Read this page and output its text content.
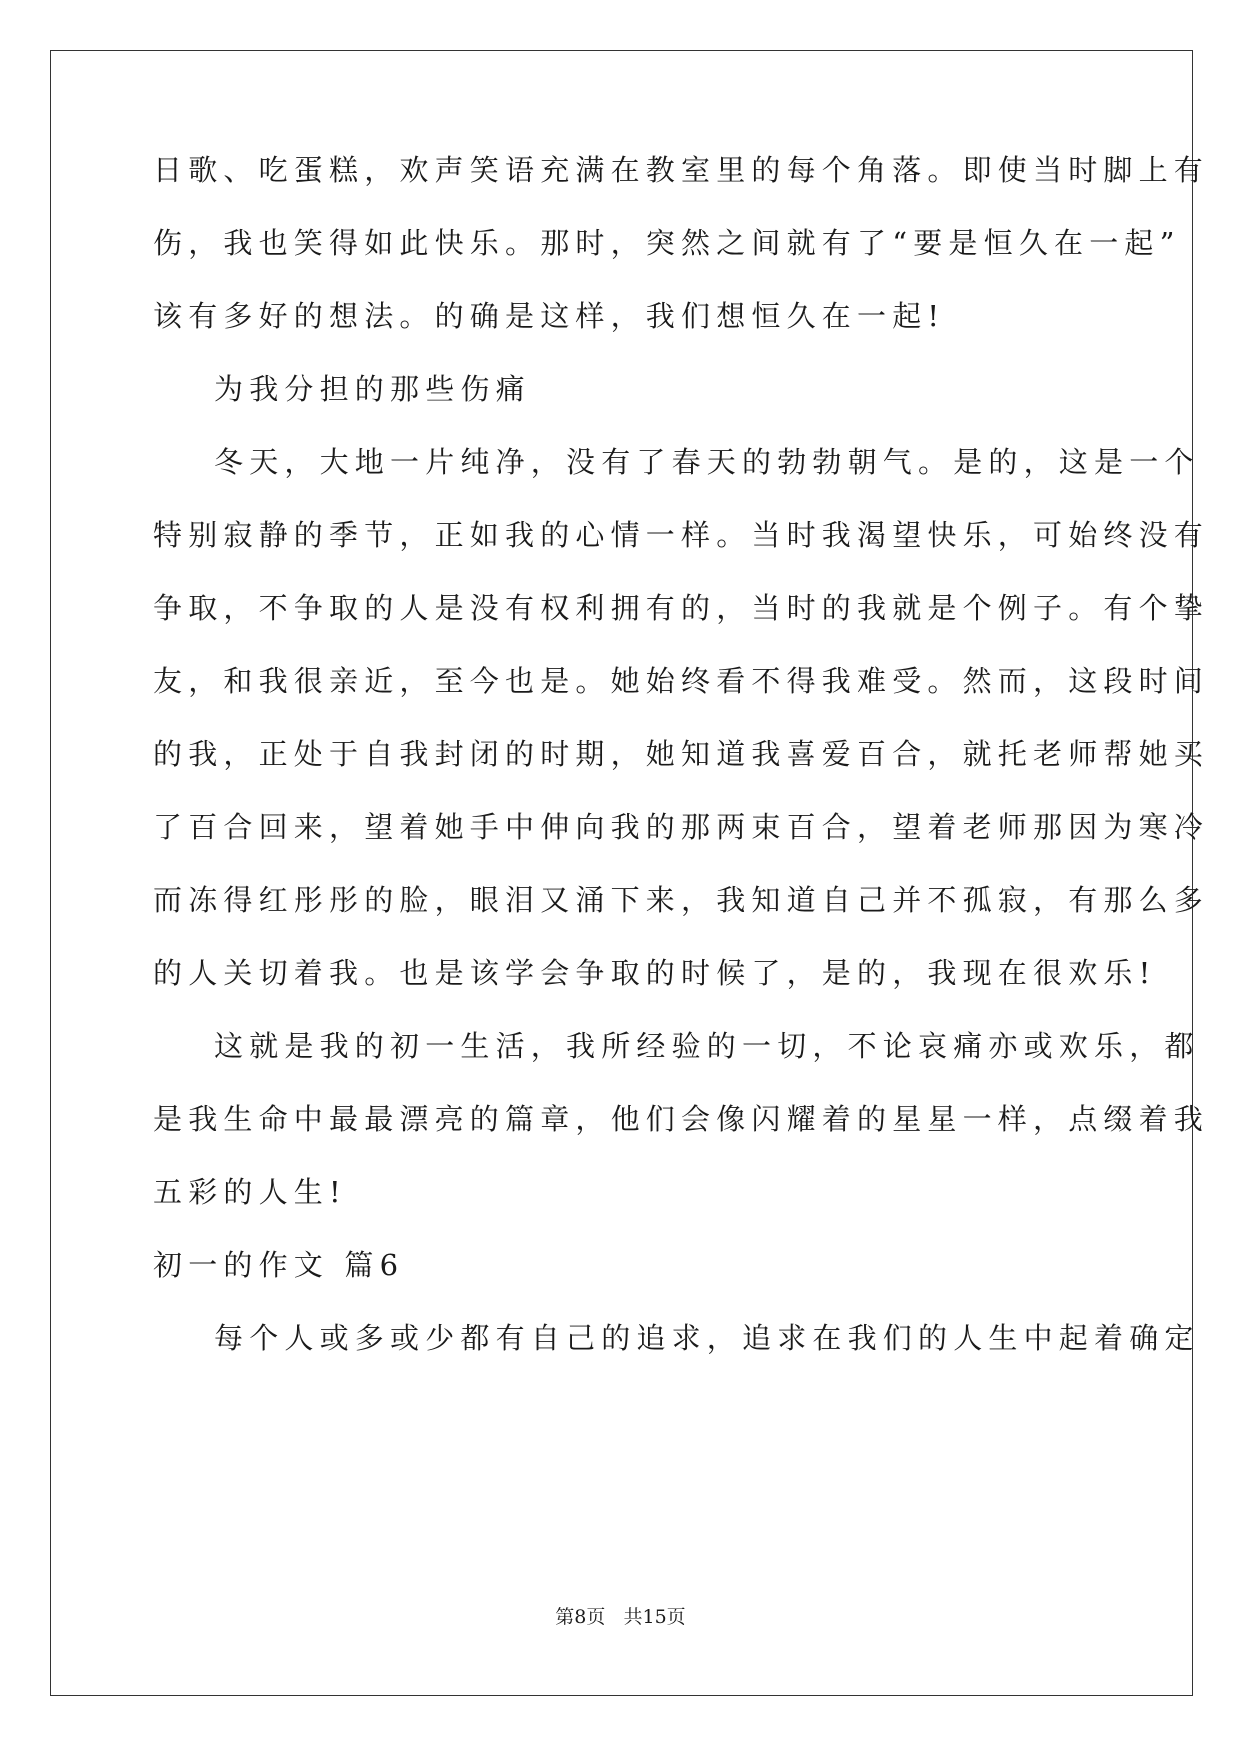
日歌、吃蛋糕，欢声笑语充满在教室里的每个角落。即使当时脚上有
伤，我也笑得如此快乐。那时，突然之间就有了“要是恒久在一起”
该有多好的想法。的确是这样，我们想恒久在一起!
为我分担的那些伤痛
冬天，大地一片纯净，没有了春天的勃勃朝气。是的，这是一个
特别寂静的季节，正如我的心情一样。当时我渴望快乐，可始终没有
争取，不争取的人是没有权利拥有的，当时的我就是个例子。有个挚
友，和我很亲近，至今也是。她始终看不得我难受。然而，这段时间
的我，正处于自我封闭的时期，她知道我喜爱百合，就托老师帮她买
了百合回来，望着她手中伸向我的那两束百合，望着老师那因为寒冷
而冻得红彤彤的脸，眼泪又涌下来，我知道自己并不孤寂，有那么多
的人关切着我。也是该学会争取的时候了，是的，我现在很欢乐!
这就是我的初一生活，我所经验的一切，不论哀痛亦或欢乐，都
是我生命中最最漂亮的篇章，他们会像闪耀着的星星一样，点缀着我
五彩的人生!
初一的作文 篇6
每个人或多或少都有自己的追求，追求在我们的人生中起着确定
第8页   共15页
